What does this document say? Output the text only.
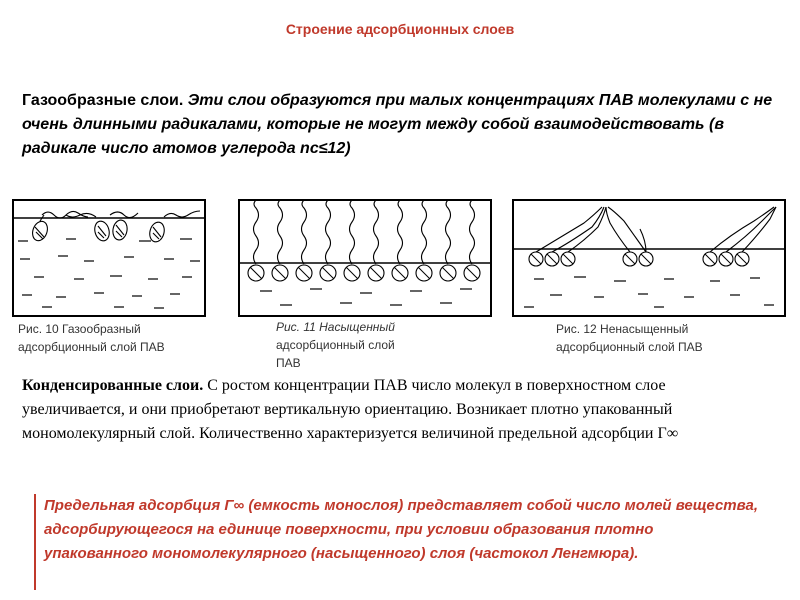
Строение адсорбционных слоев
Газообразные слои. Эти слои образуются при малых концентрациях ПАВ молекулами с не очень длинными радикалами, которые не могут между собой взаимодействовать (в радикале число атомов углерода nс≤12)
Рис. 10 Газообразный
адсорбционный слой ПАВ
Рис. 11 Насыщенный
адсорбционный слой
ПАВ
Рис. 12 Ненасыщенный
адсорбционный слой ПАВ
Конденсированные слои. С ростом концентрации ПАВ число молекул в поверхностном слое увеличивается, и они приобретают вертикальную ориентацию. Возникает плотно упакованный мономолекулярный слой. Количественно характеризуется величиной предельной адсорбции Г∞
Предельная адсорбция Г∞ (емкость монослоя) представляет собой число молей вещества, адсорбирующегося на единице поверхности, при условии образования плотно упакованного мономолекулярного (насыщенного) слоя (частокол Ленгмюра).
